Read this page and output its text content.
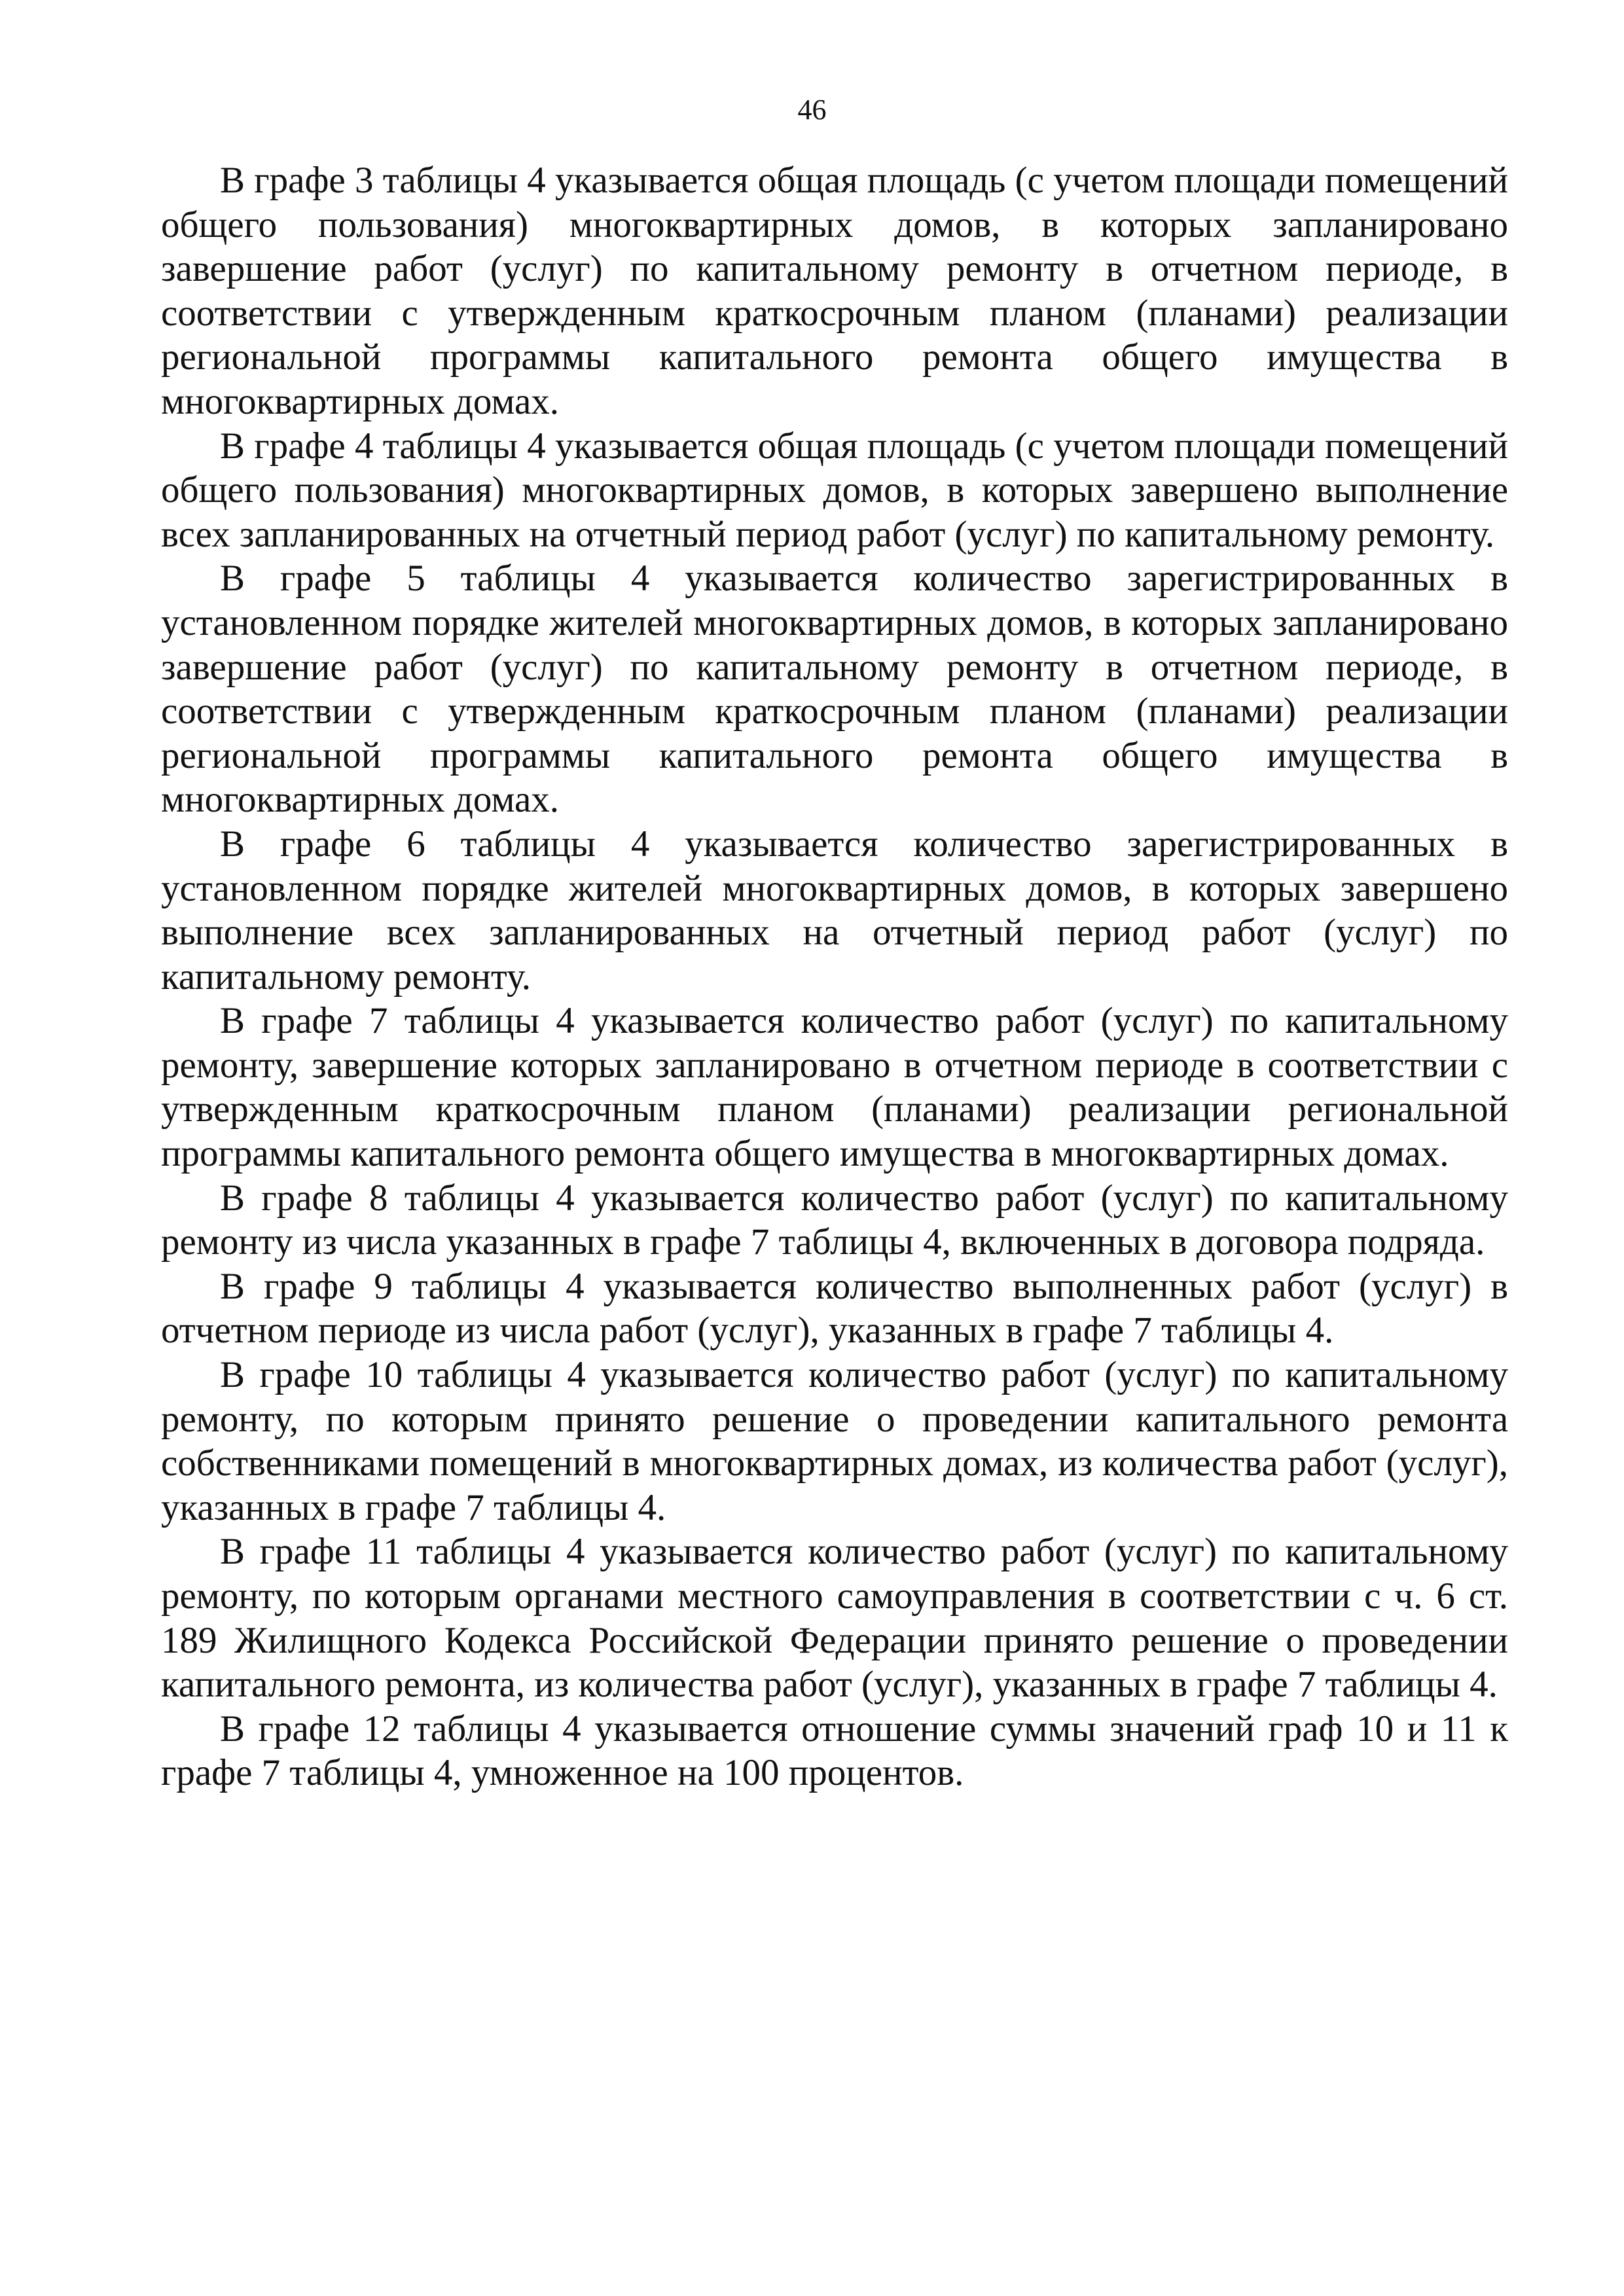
46

В графе 3 таблицы 4 указывается общая площадь (с учетом площади помещений общего пользования) многоквартирных домов, в которых запланировано завершение работ (услуг) по капитальному ремонту в отчетном периоде, в соответствии с утвержденным краткосрочным планом (планами) реализации региональной программы капитального ремонта общего имущества в многоквартирных домах.

В графе 4 таблицы 4 указывается общая площадь (с учетом площади помещений общего пользования) многоквартирных домов, в которых завершено выполнение всех запланированных на отчетный период работ (услуг) по капитальному ремонту.

В графе 5 таблицы 4 указывается количество зарегистрированных в установленном порядке жителей многоквартирных домов, в которых запланировано завершение работ (услуг) по капитальному ремонту в отчетном периоде, в соответствии с утвержденным краткосрочным планом (планами) реализации региональной программы капитального ремонта общего имущества в многоквартирных домах.

В графе 6 таблицы 4 указывается количество зарегистрированных в установленном порядке жителей многоквартирных домов, в которых завершено выполнение всех запланированных на отчетный период работ (услуг) по капитальному ремонту.

В графе 7 таблицы 4 указывается количество работ (услуг) по капитальному ремонту, завершение которых запланировано в отчетном периоде в соответствии с утвержденным краткосрочным планом (планами) реализации региональной программы капитального ремонта общего имущества в многоквартирных домах.

В графе 8 таблицы 4 указывается количество работ (услуг) по капитальному ремонту из числа указанных в графе 7 таблицы 4, включенных в договора подряда.

В графе 9 таблицы 4 указывается количество выполненных работ (услуг) в отчетном периоде из числа работ (услуг), указанных в графе 7 таблицы 4.

В графе 10 таблицы 4 указывается количество работ (услуг) по капитальному ремонту, по которым принято решение о проведении капитального ремонта собственниками помещений в многоквартирных домах, из количества работ (услуг), указанных в графе 7 таблицы 4.

В графе 11 таблицы 4 указывается количество работ (услуг) по капитальному ремонту, по которым органами местного самоуправления в соответствии с ч. 6 ст. 189 Жилищного Кодекса Российской Федерации принято решение о проведении капитального ремонта, из количества работ (услуг), указанных в графе 7 таблицы 4.

В графе 12 таблицы 4 указывается отношение суммы значений граф 10 и 11 к графе 7 таблицы 4, умноженное на 100 процентов.
